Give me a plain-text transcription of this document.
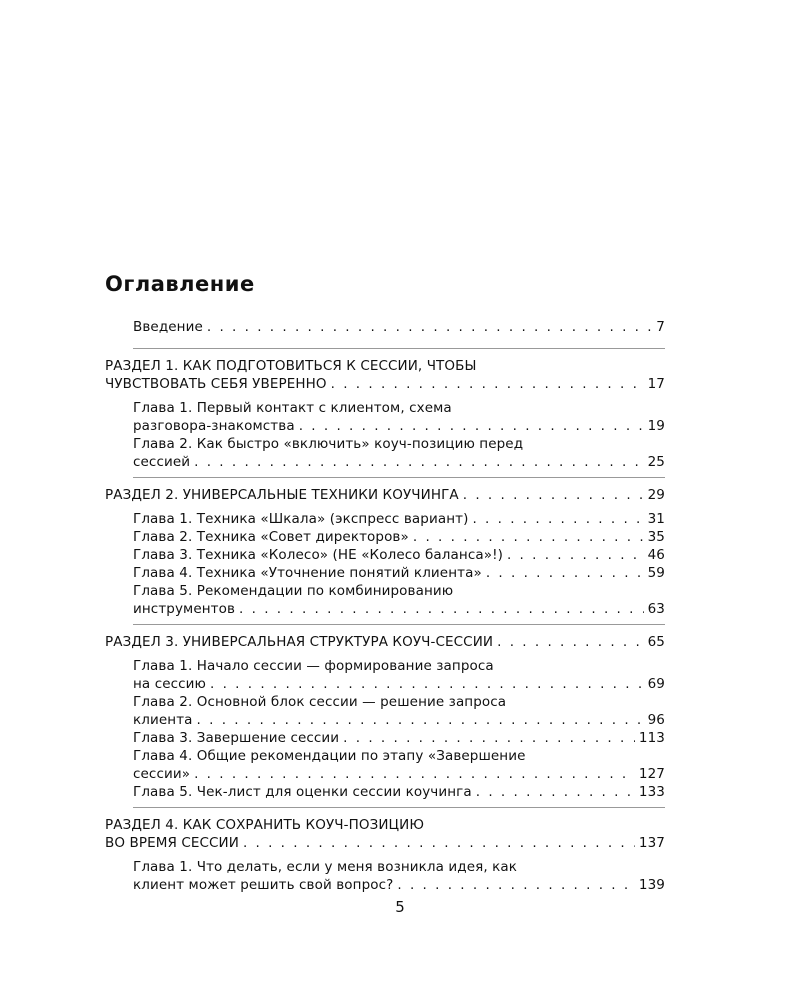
Оглавление
Введение . . .	7
РАЗДЕЛ 1. КАК ПОДГОТОВИТЬСЯ К СЕССИИ, ЧТОБЫ
ЧУВСТВОВАТЬ СЕБЯ УВЕРЕННО . . .	17
Глава 1. Первый контакт с клиентом, схема
разговора-знакомства . . .	19
Глава 2. Как быстро «включить» коуч-позицию перед
сессией . . .	25
РАЗДЕЛ 2. УНИВЕРСАЛЬНЫЕ ТЕХНИКИ КОУЧИНГА . . .	29
Глава 1. Техника «Шкала» (экспресс вариант) . . .	31
Глава 2. Техника «Совет директоров» . . .	35
Глава 3. Техника «Колесо» (НЕ «Колесо баланса»!) . . .	46
Глава 4. Техника «Уточнение понятий клиента» . . .	59
Глава 5. Рекомендации по комбинированию
инструментов . . .	63
РАЗДЕЛ 3. УНИВЕРСАЛЬНАЯ СТРУКТУРА КОУЧ-СЕССИИ . . .	65
Глава 1. Начало сессии — формирование запроса
на сессию . . .	69
Глава 2. Основной блок сессии — решение запроса
клиента . . .	96
Глава 3. Завершение сессии . . .	113
Глава 4. Общие рекомендации по этапу «Завершение
сессии» . . .	127
Глава 5. Чек-лист для оценки сессии коучинга . . .	133
РАЗДЕЛ 4. КАК СОХРАНИТЬ КОУЧ-ПОЗИЦИЮ
ВО ВРЕМЯ СЕССИИ . . .	137
Глава 1. Что делать, если у меня возникла идея, как
клиент может решить свой вопрос? . . .	139
5
